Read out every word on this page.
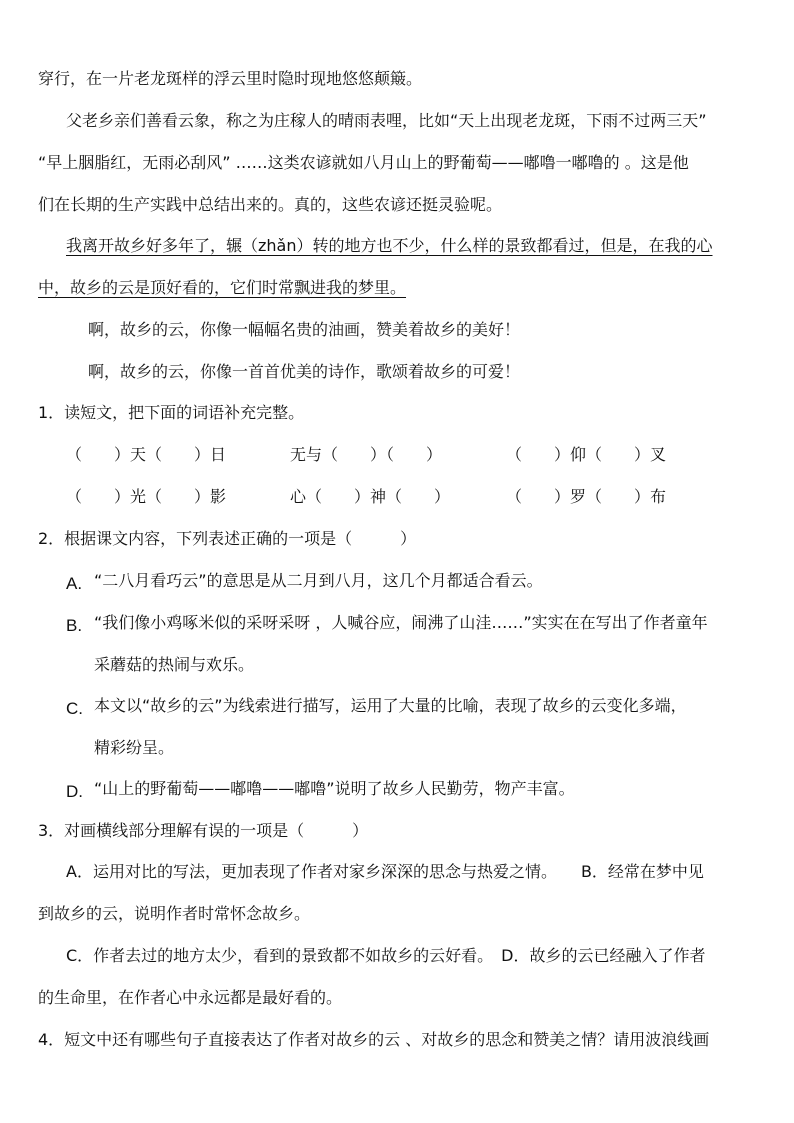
穿行，在一片老龙斑样的浮云里时隐时现地悠悠颠簸。
父老乡亲们善看云象，称之为庄稼人的晴雨表哩，比如“天上出现老龙斑，下雨不过两三天”
“早上胭脂红，无雨必刮风” ……这类农谚就如八月山上的野葡萄——嘟噜一嘟噜的 。这是他
们在长期的生产实践中总结出来的。真的，这些农谚还挺灵验呢。
我离开故乡好多年了，辗（zhǎn）转的地方也不少，什么样的景致都看过，但是，在我的心
中，故乡的云是顶好看的，它们时常飘进我的梦里。
啊，故乡的云，你像一幅幅名贵的油画，赞美着故乡的美好！
啊，故乡的云，你像一首首优美的诗作，歌颂着故乡的可爱！
1．读短文，把下面的词语补充完整。
（　　）天（　　）日	无与（　　）（　　）	（　　）仰（　　）叉
（　　）光（　　）影	心（　　）神（　　）	（　　）罗（　　）布
2．根据课文内容，下列表述正确的一项是（　　　）
A. “二八月看巧云”的意思是从二月到八月，这几个月都适合看云。
B. “我们像小鸡啄米似的采呀采呀 ，人喊谷应，闹沸了山洼……”实实在在写出了作者童年
采蘑菇的热闹与欢乐。
C. 本文以“故乡的云”为线索进行描写，运用了大量的比喻，表现了故乡的云变化多端，
精彩纷呈。
D. “山上的野葡萄——嘟噜——嘟噜”说明了故乡人民勤劳，物产丰富。
3．对画横线部分理解有误的一项是（　　　）
A．运用对比的写法，更加表现了作者对家乡深深的思念与热爱之情。　　B．经常在梦中见
到故乡的云，说明作者时常怀念故乡。
C．作者去过的地方太少，看到的景致都不如故乡的云好看。　D．故乡的云已经融入了作者
的生命里，在作者心中永远都是最好看的。
4．短文中还有哪些句子直接表达了作者对故乡的云 、对故乡的思念和赞美之情？请用波浪线画
